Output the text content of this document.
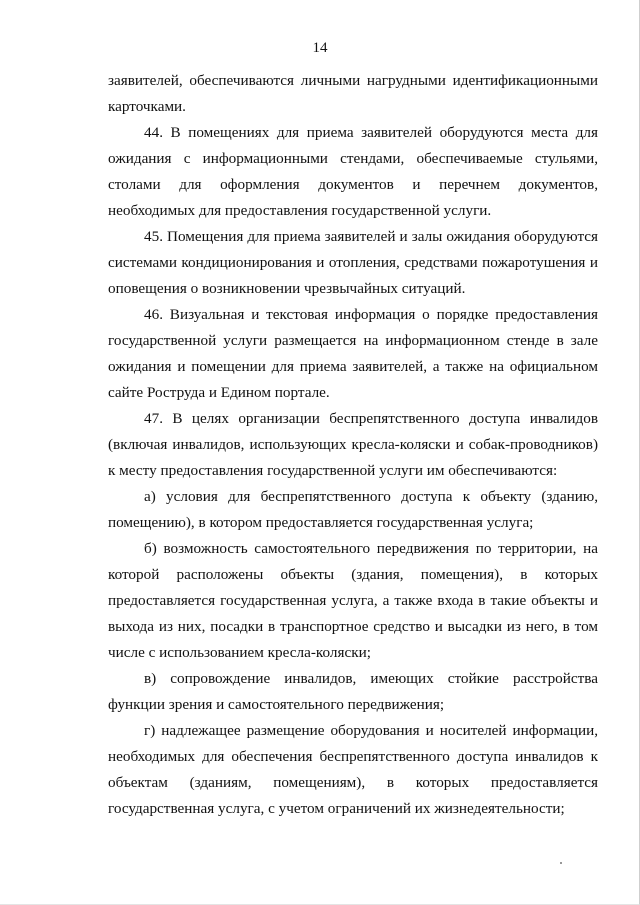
14

заявителей, обеспечиваются личными нагрудными идентификационными карточками.

44. В помещениях для приема заявителей оборудуются места для ожидания с информационными стендами, обеспечиваемые стульями, столами для оформления документов и перечнем документов, необходимых для предоставления государственной услуги.

45. Помещения для приема заявителей и залы ожидания оборудуются системами кондиционирования и отопления, средствами пожаротушения и оповещения о возникновении чрезвычайных ситуаций.

46. Визуальная и текстовая информация о порядке предоставления государственной услуги размещается на информационном стенде в зале ожидания и помещении для приема заявителей, а также на официальном сайте Роструда и Едином портале.

47. В целях организации беспрепятственного доступа инвалидов (включая инвалидов, использующих кресла-коляски и собак-проводников) к месту предоставления государственной услуги им обеспечиваются:

а) условия для беспрепятственного доступа к объекту (зданию, помещению), в котором предоставляется государственная услуга;

б) возможность самостоятельного передвижения по территории, на которой расположены объекты (здания, помещения), в которых предоставляется государственная услуга, а также входа в такие объекты и выхода из них, посадки в транспортное средство и высадки из него, в том числе с использованием кресла-коляски;

в) сопровождение инвалидов, имеющих стойкие расстройства функции зрения и самостоятельного передвижения;

г) надлежащее размещение оборудования и носителей информации, необходимых для обеспечения беспрепятственного доступа инвалидов к объектам (зданиям, помещениям), в которых предоставляется государственная услуга, с учетом ограничений их жизнедеятельности;
